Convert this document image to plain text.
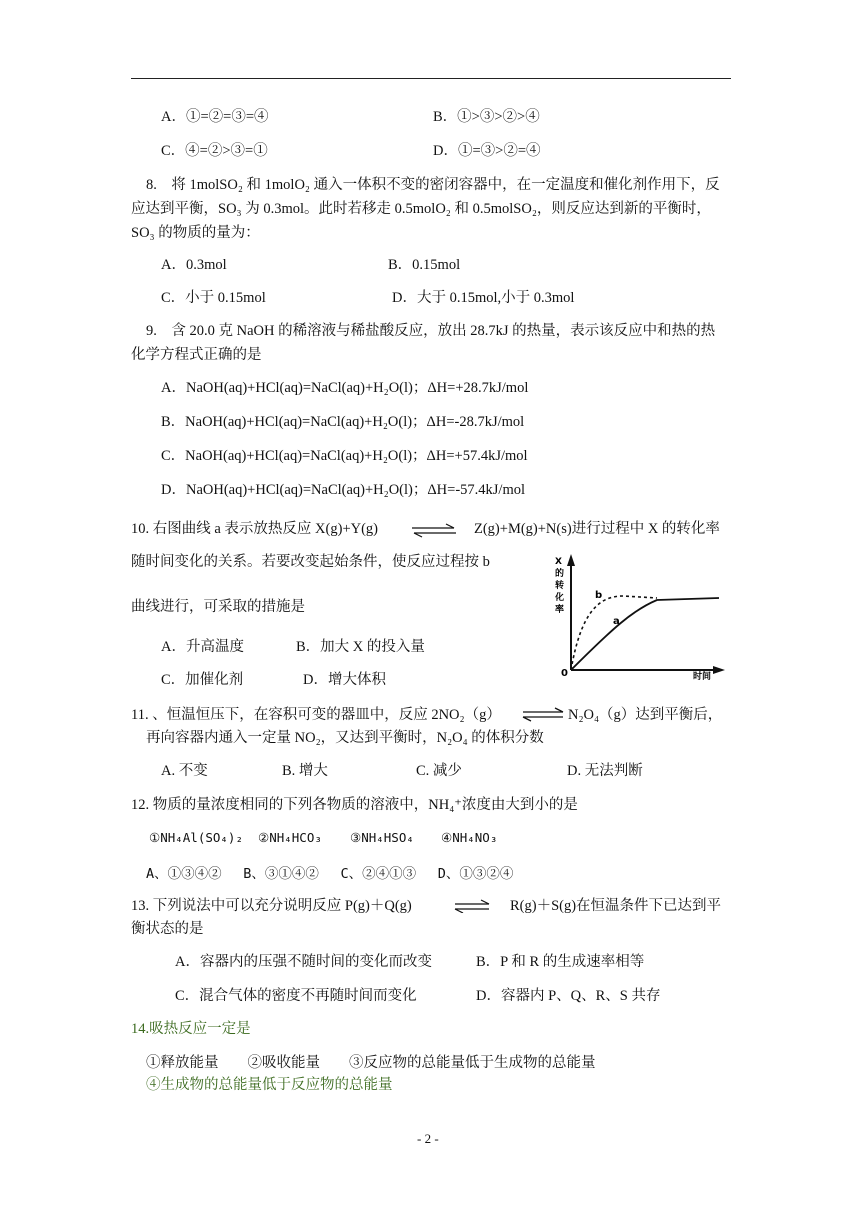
A．①=②=③=④	B．①>③>②>④
C．④=②>③=①	D．①=③>②=④
8.　将 1molSO₂ 和 1molO₂ 通入一体积不变的密闭容器中，在一定温度和催化剂作用下，反
应达到平衡，SO₃ 为 0.3mol。此时若移走 0.5molO₂ 和 0.5molSO₂，则反应达到新的平衡时，
SO₃ 的物质的量为：
A．0.3mol	B．0.15mol
C．小于 0.15mol	D．大于 0.15mol,小于 0.3mol
9.　含 20.0 克 NaOH 的稀溶液与稀盐酸反应，放出 28.7kJ 的热量，表示该反应中和热的热
化学方程式正确的是
A．NaOH(aq)+HCl(aq)=NaCl(aq)+H₂O(l)；ΔH=+28.7kJ/mol
B．NaOH(aq)+HCl(aq)=NaCl(aq)+H₂O(l)；ΔH=-28.7kJ/mol
C．NaOH(aq)+HCl(aq)=NaCl(aq)+H₂O(l)；ΔH=+57.4kJ/mol
D．NaOH(aq)+HCl(aq)=NaCl(aq)+H₂O(l)；ΔH=-57.4kJ/mol
10. 右图曲线 a 表示放热反应 X(g)+Y(g) ⇌ Z(g)+M(g)+N(s)进行过程中 X 的转化率
随时间变化的关系。若要改变起始条件，使反应过程按 b
曲线进行，可采取的措施是
A．升高温度	B．加大 X 的投入量
C．加催化剂	D．增大体积
X
的
转
化
率
0	时间
a
b
11. 、恒温恒压下，在容积可变的器皿中，反应 2NO₂（g） ⇌ N₂O₄（g）达到平衡后，
再向容器内通入一定量 NO₂，又达到平衡时，N₂O₄ 的体积分数
A. 不变	B. 增大	C. 减少	D. 无法判断
12. 物质的量浓度相同的下列各物质的溶液中，NH₄⁺浓度由大到小的是
①NH₄Al(SO₄)₂ ②NH₄HCO₃ ③NH₄HSO₄ ④NH₄NO₃
A、①③④②　 B、③①④②　 C、②④①③　 D、①③②④
13. 下列说法中可以充分说明反应 P(g)＋Q(g)	⇌ R(g)＋S(g)在恒温条件下已达到平
衡状态的是
A．容器内的压强不随时间的变化而改变	B．P 和 R 的生成速率相等
C．混合气体的密度不再随时间而变化	D．容器内 P、Q、R、S 共存
14.吸热反应一定是
①释放能量　　②吸收能量　　③反应物的总能量低于生成物的总能量
④生成物的总能量低于反应物的总能量
- 2 -
